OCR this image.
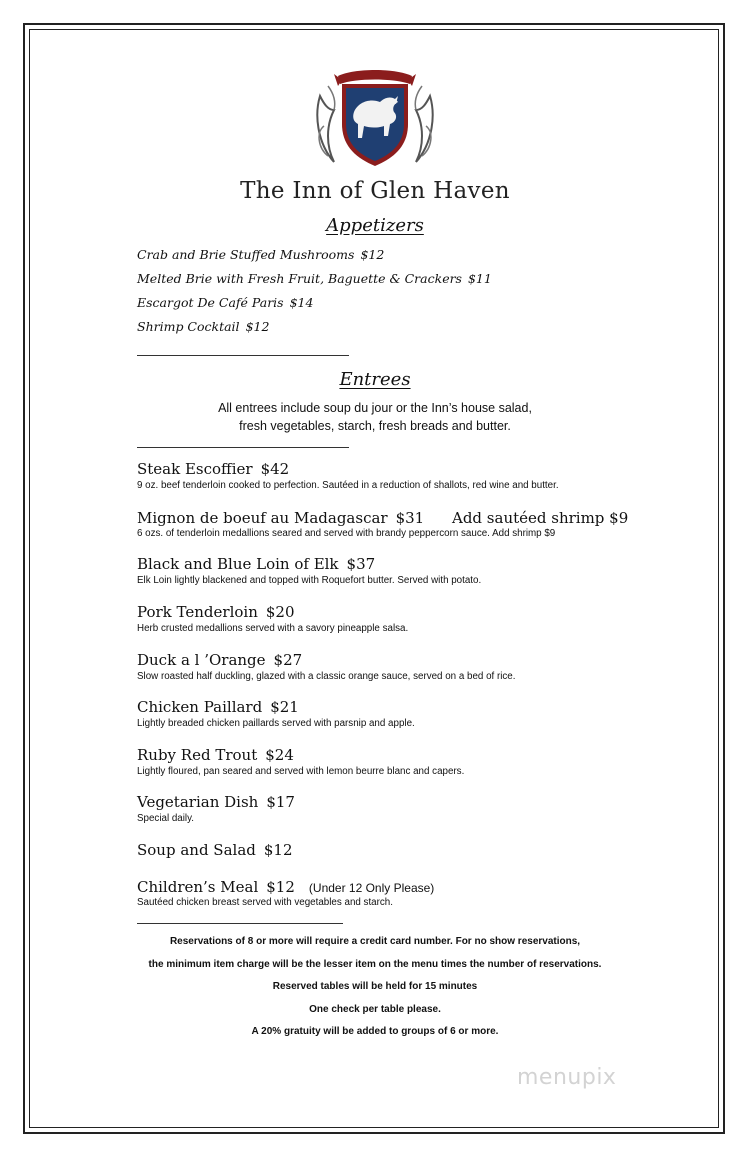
The Inn of Glen Haven
Appetizers
Crab and Brie Stuffed Mushrooms $12
Melted Brie with Fresh Fruit, Baguette & Crackers $11
Escargot De Café Paris $14
Shrimp Cocktail $12
Entrees
All entrees include soup du jour or the Inn’s house salad,
fresh vegetables, starch, fresh breads and butter.
Steak Escoffier $42
9 oz. beef tenderloin cooked to perfection. Sautéed in a reduction of shallots, red wine and butter.
Mignon de boeuf au Madagascar $31 Add sautéed shrimp $9
6 ozs. of tenderloin medallions seared and served with brandy peppercorn sauce. Add shrimp $9
Black and Blue Loin of Elk $37
Elk Loin lightly blackened and topped with Roquefort butter. Served with potato.
Pork Tenderloin $20
Herb crusted medallions served with a savory pineapple salsa.
Duck a l ’Orange $27
Slow roasted half duckling, glazed with a classic orange sauce, served on a bed of rice.
Chicken Paillard $21
Lightly breaded chicken paillards served with parsnip and apple.
Ruby Red Trout $24
Lightly floured, pan seared and served with lemon beurre blanc and capers.
Vegetarian Dish $17
Special daily.
Soup and Salad $12
Children’s Meal $12 (Under 12 Only Please)
Sautéed chicken breast served with vegetables and starch.
Reservations of 8 or more will require a credit card number. For no show reservations,
the minimum item charge will be the lesser item on the menu times the number of reservations.
Reserved tables will be held for 15 minutes
One check per table please.
A 20% gratuity will be added to groups of 6 or more.
menupix
